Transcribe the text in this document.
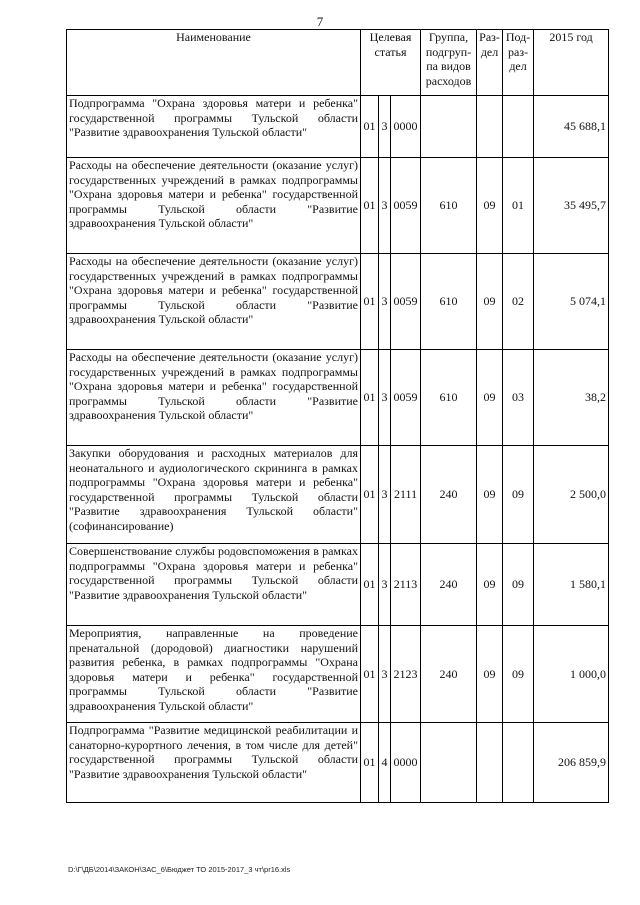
7
Наименование	Целевая статья			Группа, подгруп-па видов расходов	Раз-дел	Под-раз-дел	2015 год
Подпрограмма "Охрана здоровья матери и ребенка" государственной программы Тульской области "Развитие здравоохранения Тульской области"	01	3	0000				45 688,1
Расходы на обеспечение деятельности (оказание услуг) государственных учреждений в рамках подпрограммы "Охрана здоровья матери и ребенка" государственной программы Тульской области "Развитие здравоохранения Тульской области"	01	3	0059	610	09	01	35 495,7
Расходы на обеспечение деятельности (оказание услуг) государственных учреждений в рамках подпрограммы "Охрана здоровья матери и ребенка" государственной программы Тульской области "Развитие здравоохранения Тульской области"	01	3	0059	610	09	02	5 074,1
Расходы на обеспечение деятельности (оказание услуг) государственных учреждений в рамках подпрограммы "Охрана здоровья матери и ребенка" государственной программы Тульской области "Развитие здравоохранения Тульской области"	01	3	0059	610	09	03	38,2
Закупки оборудования и расходных материалов для неонатального и аудиологического скрининга в рамках подпрограммы "Охрана здоровья матери и ребенка" государственной программы Тульской области "Развитие здравоохранения Тульской области" (софинансирование)	01	3	2111	240	09	09	2 500,0
Совершенствование службы родовспоможения в рамках подпрограммы "Охрана здоровья матери и ребенка" государственной программы Тульской области "Развитие здравоохранения Тульской области"	01	3	2113	240	09	09	1 580,1
Мероприятия, направленные на проведение пренатальной (дородовой) диагностики нарушений развития ребенка, в рамках подпрограммы "Охрана здоровья матери и ребенка" государственной программы Тульской области "Развитие здравоохранения Тульской области"	01	3	2123	240	09	09	1 000,0
Подпрограмма "Развитие медицинской реабилитации и санаторно-курортного лечения, в том числе для детей" государственной программы Тульской области "Развитие здравоохранения Тульской области"	01	4	0000				206 859,9
D:\Г\ДБ\2014\ЗАКОН\ЗАС_6\Бюджет ТО 2015-2017_3 чт\pr16.xls
